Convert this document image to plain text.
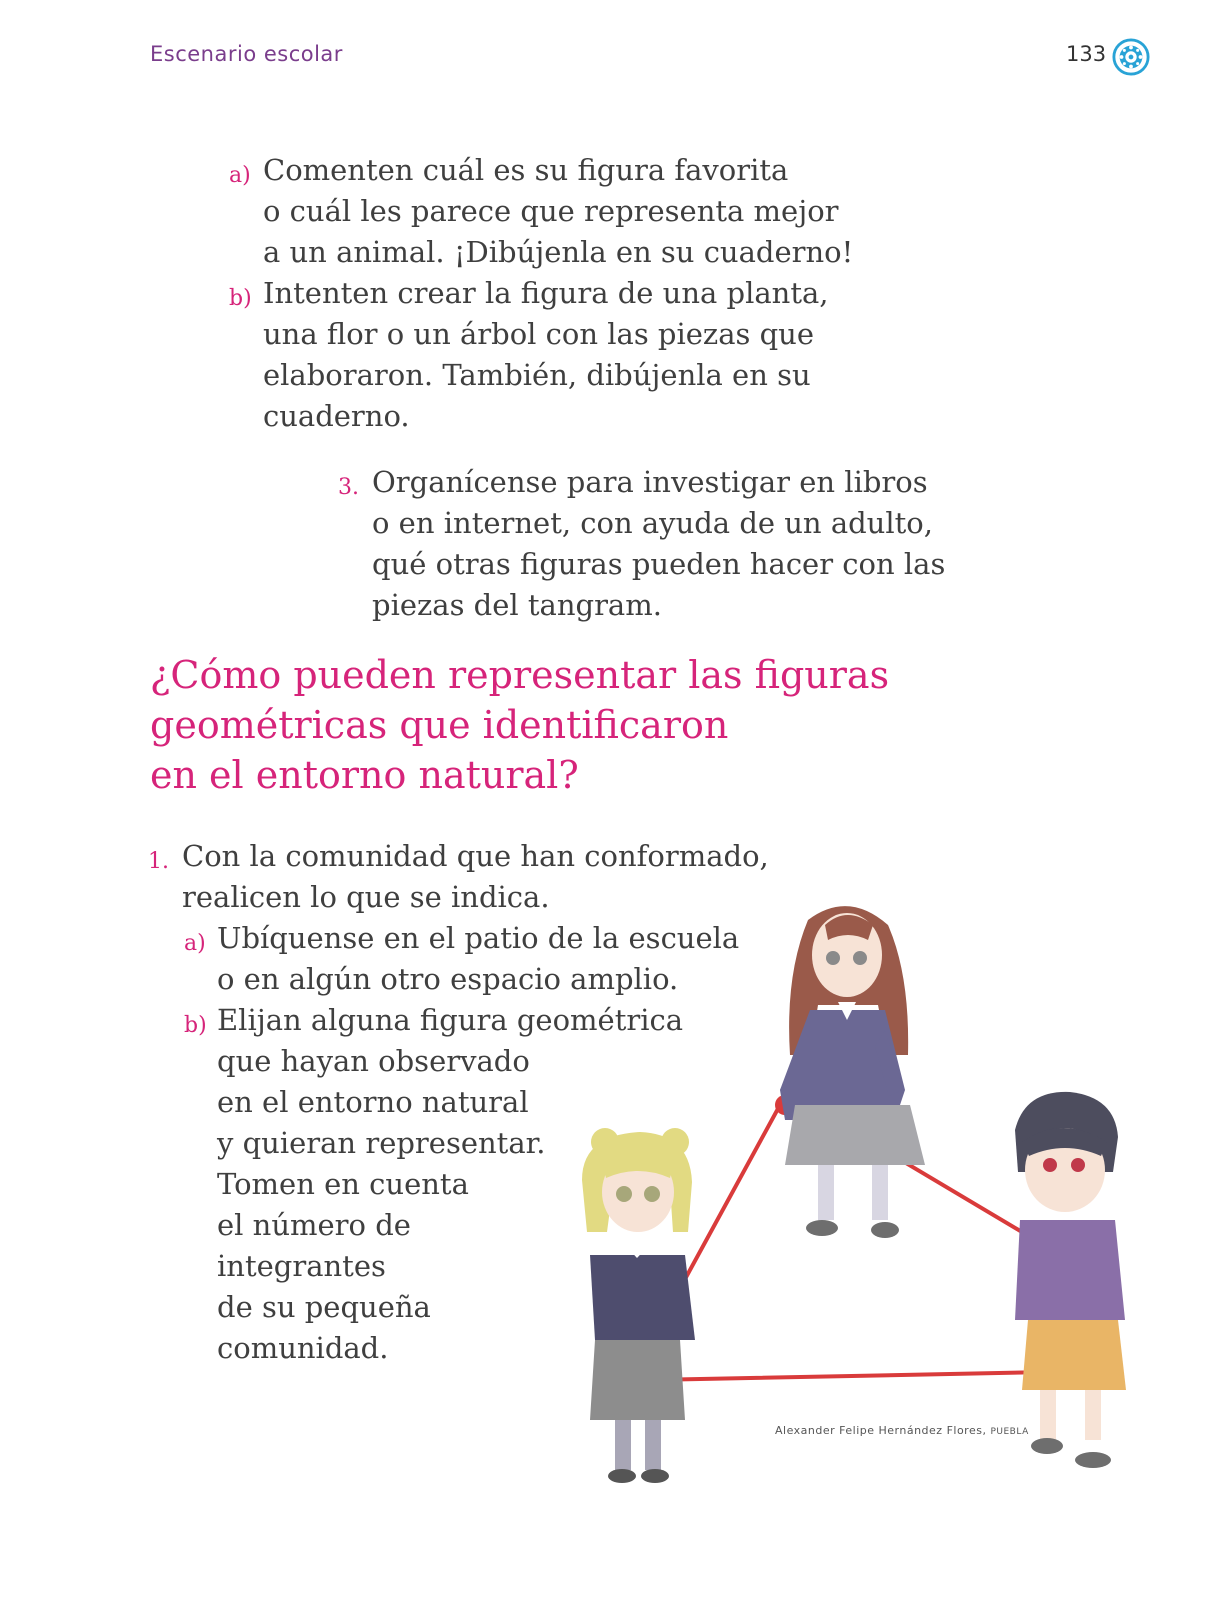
Escenario escolar	133
a) Comenten cuál es su figura favorita
o cuál les parece que representa mejor
a un animal. ¡Dibújenla en su cuaderno!
b) Intenten crear la figura de una planta,
una flor o un árbol con las piezas que
elaboraron. También, dibújenla en su
cuaderno.
3. Organícense para investigar en libros
o en internet, con ayuda de un adulto,
qué otras figuras pueden hacer con las
piezas del tangram.
¿Cómo pueden representar las figuras
geométricas que identificaron
en el entorno natural?
1. Con la comunidad que han conformado,
realicen lo que se indica.
a) Ubíquense en el patio de la escuela
o en algún otro espacio amplio.
b) Elijan alguna figura geométrica
que hayan observado
en el entorno natural
y quieran representar.
Tomen en cuenta
el número de
integrantes
de su pequeña
comunidad.
Alexander Felipe Hernández Flores, PUEBLA
